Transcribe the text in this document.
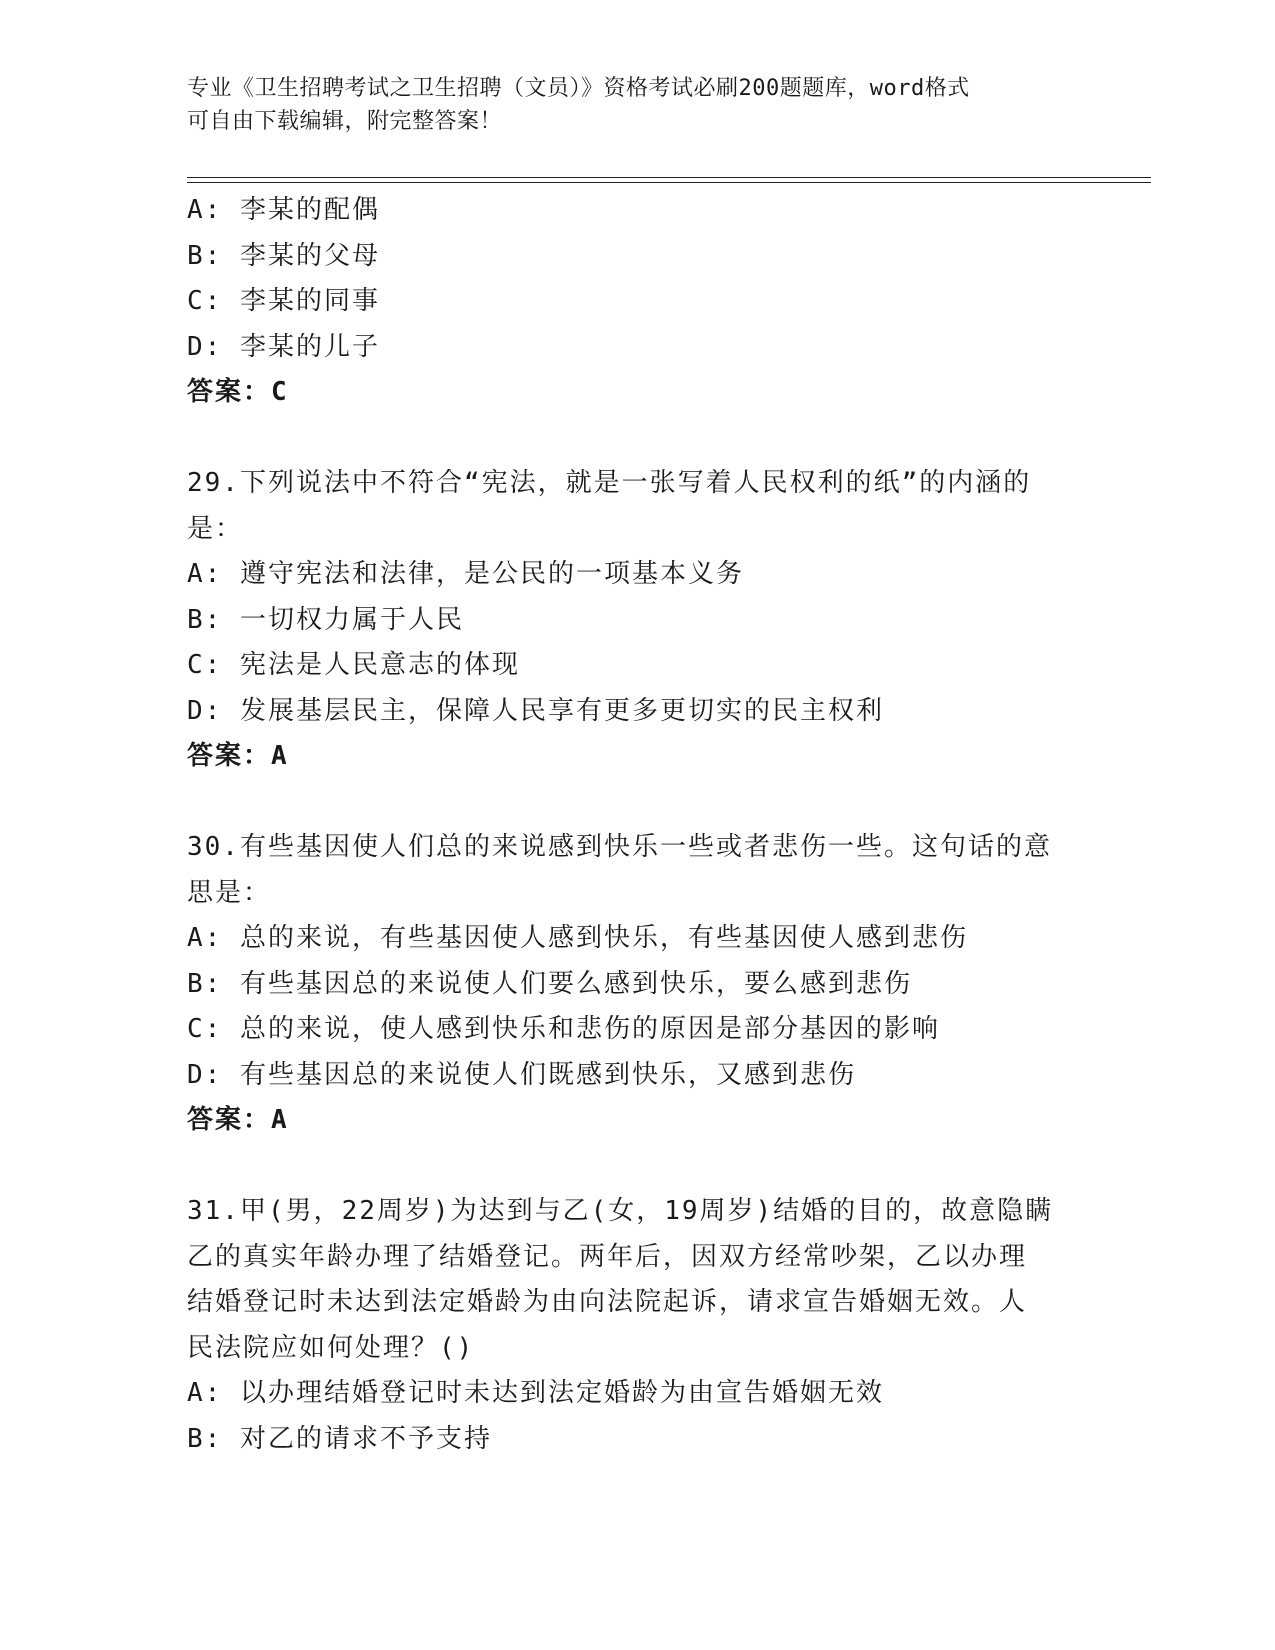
专业《卫生招聘考试之卫生招聘（文员）》资格考试必刷200题题库，word格式
可自由下载编辑，附完整答案！
A: 李某的配偶
B: 李某的父母
C: 李某的同事
D: 李某的儿子
答案：C
29.下列说法中不符合“宪法，就是一张写着人民权利的纸”的内涵的
是：
A: 遵守宪法和法律，是公民的一项基本义务
B: 一切权力属于人民
C: 宪法是人民意志的体现
D: 发展基层民主，保障人民享有更多更切实的民主权利
答案：A
30.有些基因使人们总的来说感到快乐一些或者悲伤一些。这句话的意
思是：
A: 总的来说，有些基因使人感到快乐，有些基因使人感到悲伤
B: 有些基因总的来说使人们要么感到快乐，要么感到悲伤
C: 总的来说，使人感到快乐和悲伤的原因是部分基因的影响
D: 有些基因总的来说使人们既感到快乐，又感到悲伤
答案：A
31.甲(男，22周岁)为达到与乙(女，19周岁)结婚的目的，故意隐瞒
乙的真实年龄办理了结婚登记。两年后，因双方经常吵架，乙以办理
结婚登记时未达到法定婚龄为由向法院起诉，请求宣告婚姻无效。人
民法院应如何处理？()
A: 以办理结婚登记时未达到法定婚龄为由宣告婚姻无效
B: 对乙的请求不予支持
